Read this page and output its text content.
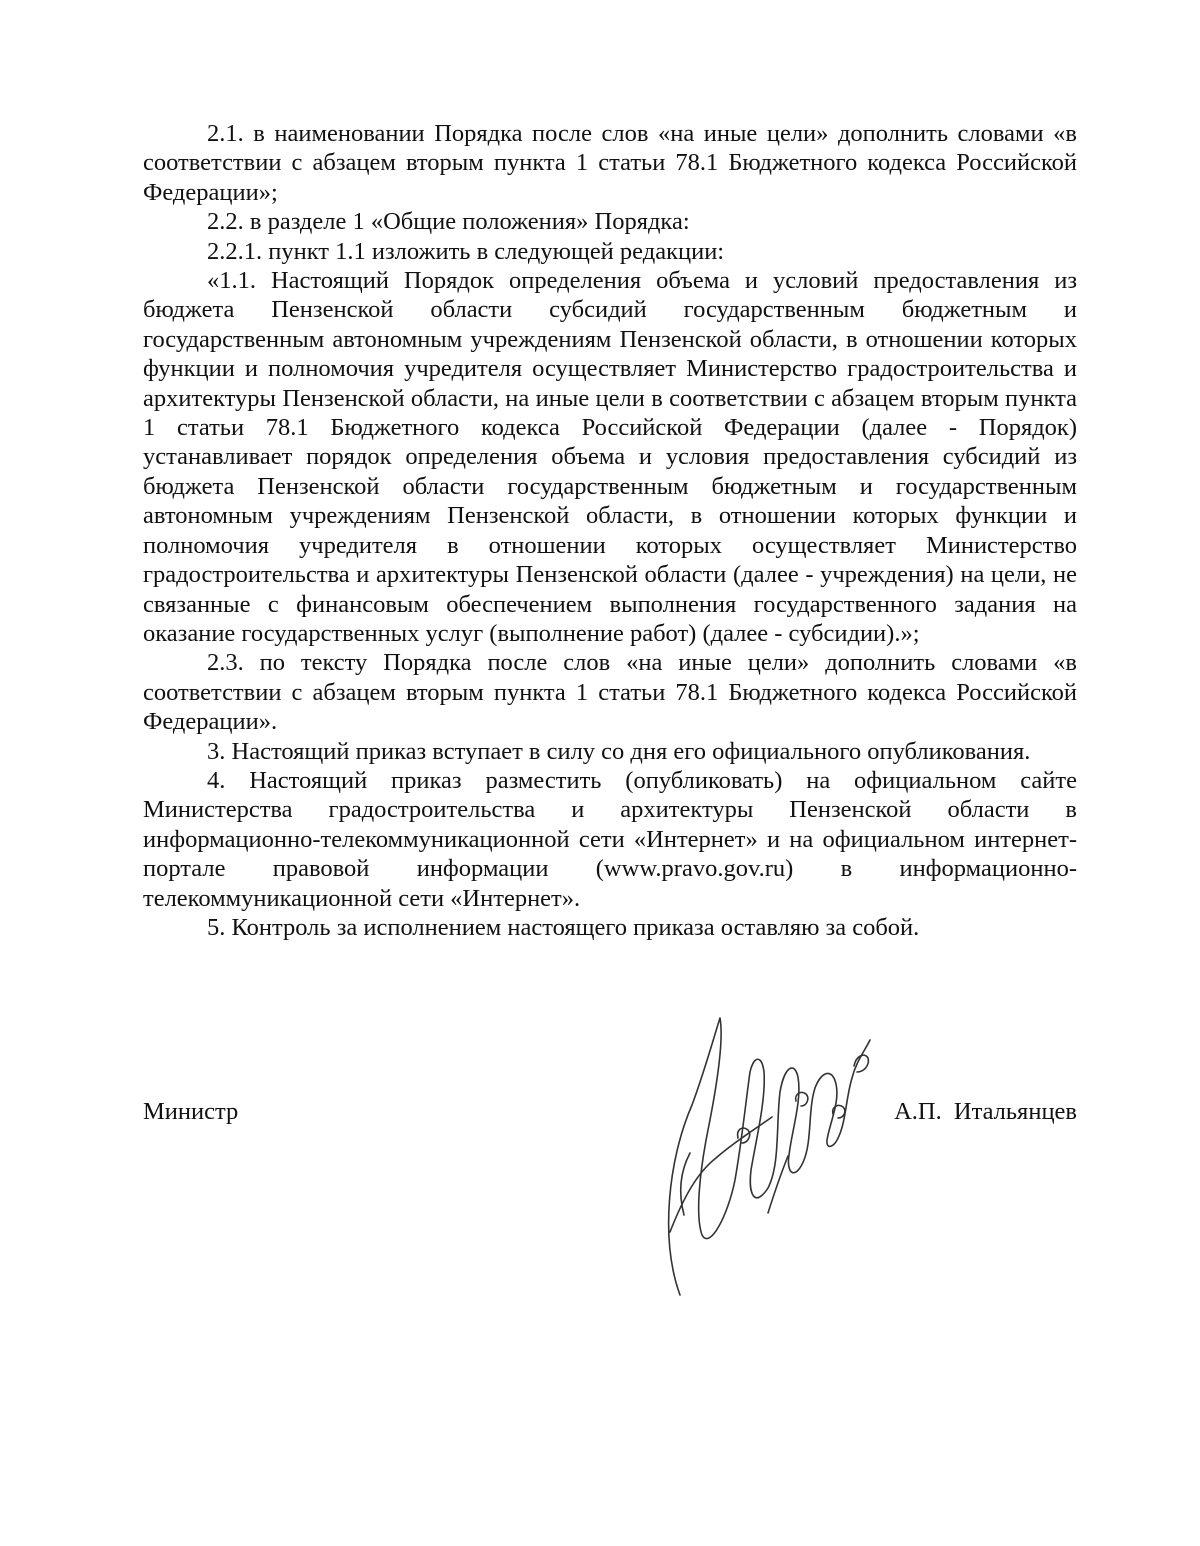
2.1. в наименовании Порядка после слов «на иные цели» дополнить словами «в соответствии с абзацем вторым пункта 1 статьи 78.1 Бюджетного кодекса Российской Федерации»;

2.2. в разделе 1 «Общие положения» Порядка:

2.2.1. пункт 1.1 изложить в следующей редакции:

«1.1. Настоящий Порядок определения объема и условий предоставления из бюджета Пензенской области субсидий государственным бюджетным и государственным автономным учреждениям Пензенской области, в отношении которых функции и полномочия учредителя осуществляет Министерство градостроительства и архитектуры Пензенской области, на иные цели в соответствии с абзацем вторым пункта 1 статьи 78.1 Бюджетного кодекса Российской Федерации (далее - Порядок) устанавливает порядок определения объема и условия предоставления субсидий из бюджета Пензенской области государственным бюджетным и государственным автономным учреждениям Пензенской области, в отношении которых функции и полномочия учредителя в отношении которых осуществляет Министерство градостроительства и архитектуры Пензенской области (далее - учреждения) на цели, не связанные с финансовым обеспечением выполнения государственного задания на оказание государственных услуг (выполнение работ) (далее - субсидии).»;

2.3. по тексту Порядка после слов «на иные цели» дополнить словами «в соответствии с абзацем вторым пункта 1 статьи 78.1 Бюджетного кодекса Российской Федерации».

3. Настоящий приказ вступает в силу со дня его официального опубликования.

4. Настоящий приказ разместить (опубликовать) на официальном сайте Министерства градостроительства и архитектуры Пензенской области в информационно-телекоммуникационной сети «Интернет» и на официальном интернет-портале правовой информации (www.pravo.gov.ru) в информационно-телекоммуникационной сети «Интернет».

5. Контроль за исполнением настоящего приказа оставляю за собой.

Министр	А.П. Итальянцев
